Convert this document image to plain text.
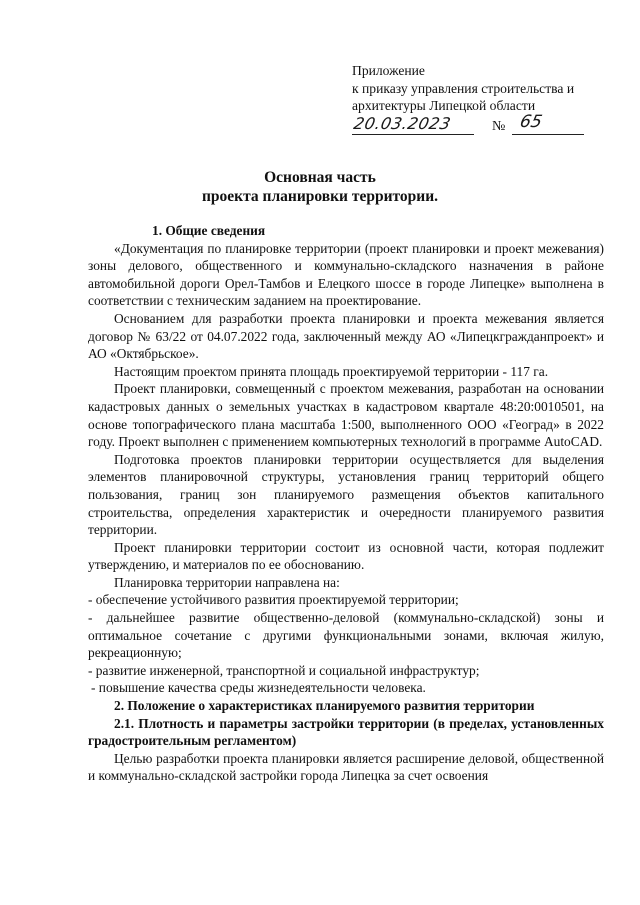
Приложение
к приказу управления строительства и
архитектуры Липецкой области
20.03.2023	№ 65
Основная часть
проекта планировки территории.

1. Общие сведения

«Документация по планировке территории (проект планировки и проект межевания) зоны делового, общественного и коммунально-складского назначения в районе автомобильной дороги Орел-Тамбов и Елецкого шоссе в городе Липецке» выполнена в соответствии с техническим заданием на проектирование.

Основанием для разработки проекта планировки и проекта межевания является договор № 63/22 от 04.07.2022 года, заключенный между АО «Липецкгражданпроект» и АО «Октябрьское».

Настоящим проектом принята площадь проектируемой территории - 117 га.

Проект планировки, совмещенный с проектом межевания, разработан на основании кадастровых данных о земельных участках в кадастровом квартале 48:20:0010501, на основе топографического плана масштаба 1:500, выполненного ООО «Геоград» в 2022 году. Проект выполнен с применением компьютерных технологий в программе AutoCAD.

Подготовка проектов планировки территории осуществляется для выделения элементов планировочной структуры, установления границ территорий общего пользования, границ зон планируемого размещения объектов капитального строительства, определения характеристик и очередности планируемого развития территории.

Проект планировки территории состоит из основной части, которая подлежит утверждению, и материалов по ее обоснованию.

Планировка территории направлена на:

- обеспечение устойчивого развития проектируемой территории;

- дальнейшее развитие общественно-деловой (коммунально-складской) зоны и оптимальное сочетание с другими функциональными зонами, включая жилую, рекреационную;

- развитие инженерной, транспортной и социальной инфраструктур;

- повышение качества среды жизнедеятельности человека.

2. Положение о характеристиках планируемого развития территории

2.1. Плотность и параметры застройки территории (в пределах, установленных градостроительным регламентом)

Целью разработки проекта планировки является расширение деловой, общественной и коммунально-складской застройки города Липецка за счет освоения
